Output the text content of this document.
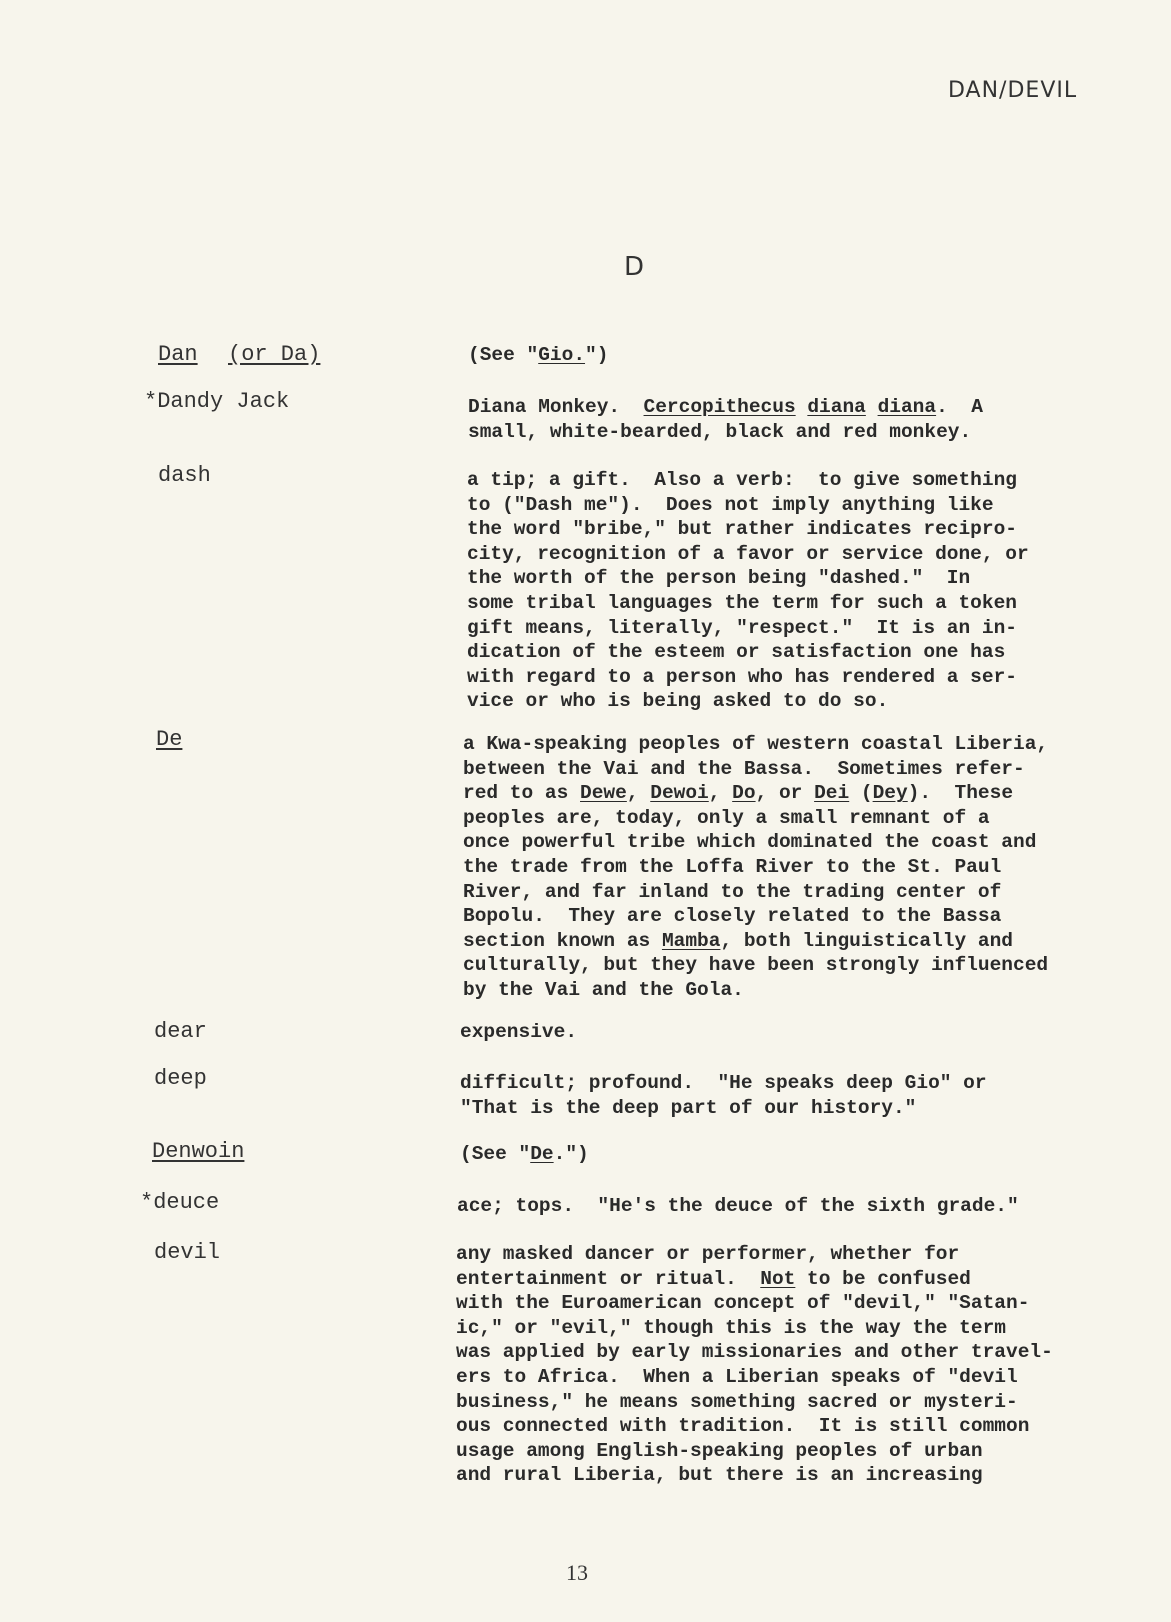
DAN/DEVIL
D
Dan (or Da)	(See "Gio.")
*Dandy Jack	Diana Monkey.  Cercopithecus diana diana.  A
small, white-bearded, black and red monkey.
dash	a tip; a gift.  Also a verb:  to give something
to ("Dash me").  Does not imply anything like
the word "bribe," but rather indicates recipro-
city, recognition of a favor or service done, or
the worth of the person being "dashed."  In
some tribal languages the term for such a token
gift means, literally, "respect."  It is an in-
dication of the esteem or satisfaction one has
with regard to a person who has rendered a ser-
vice or who is being asked to do so.
De	a Kwa-speaking peoples of western coastal Liberia,
between the Vai and the Bassa.  Sometimes refer-
red to as Dewe, Dewoi, Do, or Dei (Dey).  These
peoples are, today, only a small remnant of a
once powerful tribe which dominated the coast and
the trade from the Loffa River to the St. Paul
River, and far inland to the trading center of
Bopolu.  They are closely related to the Bassa
section known as Mamba, both linguistically and
culturally, but they have been strongly influenced
by the Vai and the Gola.
dear	expensive.
deep	difficult; profound.  "He speaks deep Gio" or
"That is the deep part of our history."
Denwoin	(See "De.")
*deuce	ace; tops.  "He's the deuce of the sixth grade."
devil	any masked dancer or performer, whether for
entertainment or ritual.  Not to be confused
with the Euroamerican concept of "devil," "Satan-
ic," or "evil," though this is the way the term
was applied by early missionaries and other travel-
ers to Africa.  When a Liberian speaks of "devil
business," he means something sacred or mysteri-
ous connected with tradition.  It is still common
usage among English-speaking peoples of urban
and rural Liberia, but there is an increasing
13
